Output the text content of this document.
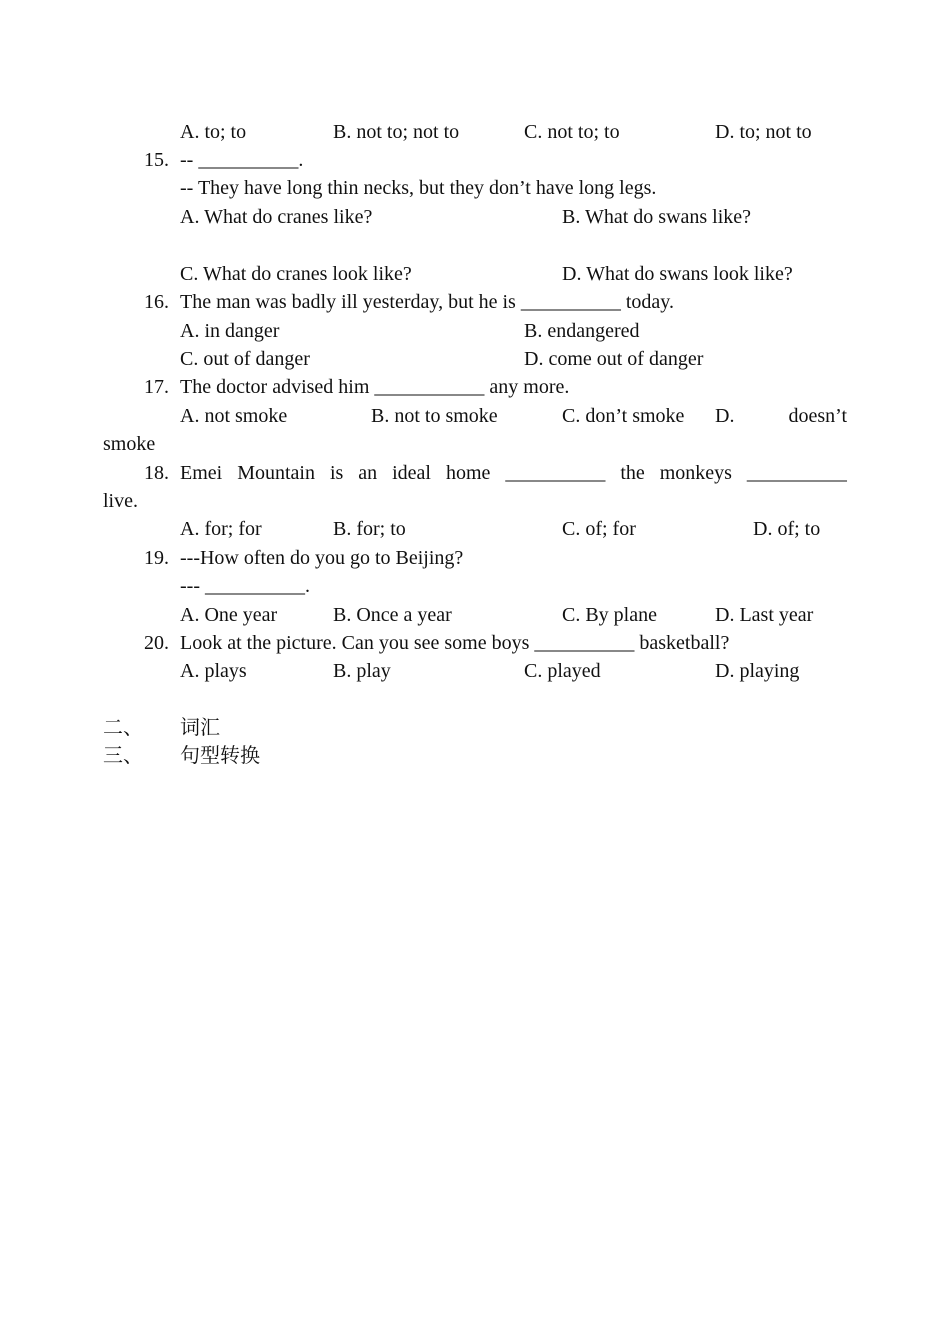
A. to; to	B. not to; not to	C. not to; to	D. to; not to
15. -- __________.
-- They have long thin necks, but they don’t have long legs.
A. What do cranes like?	B. What do swans like?
C. What do cranes look like?	D. What do swans look like?
16. The man was badly ill yesterday, but he is __________ today.
A. in danger	B. endangered
C. out of danger	D. come out of danger
17. The doctor advised him ___________ any more.
A. not smoke	B. not to smoke	C. don’t smoke D.	doesn’t
smoke
18. Emei Mountain is an ideal home __________ the monkeys __________
live.
A. for; for	B. for; to	C. of; for	D. of; to
19. ---How often do you go to Beijing?
--- __________.
A. One year	B. Once a year	C. By plane	D. Last year
20. Look at the picture. Can you see some boys __________ basketball?
A. plays	B. play	C. played	D. playing
二、 词汇
三、 句型转换
